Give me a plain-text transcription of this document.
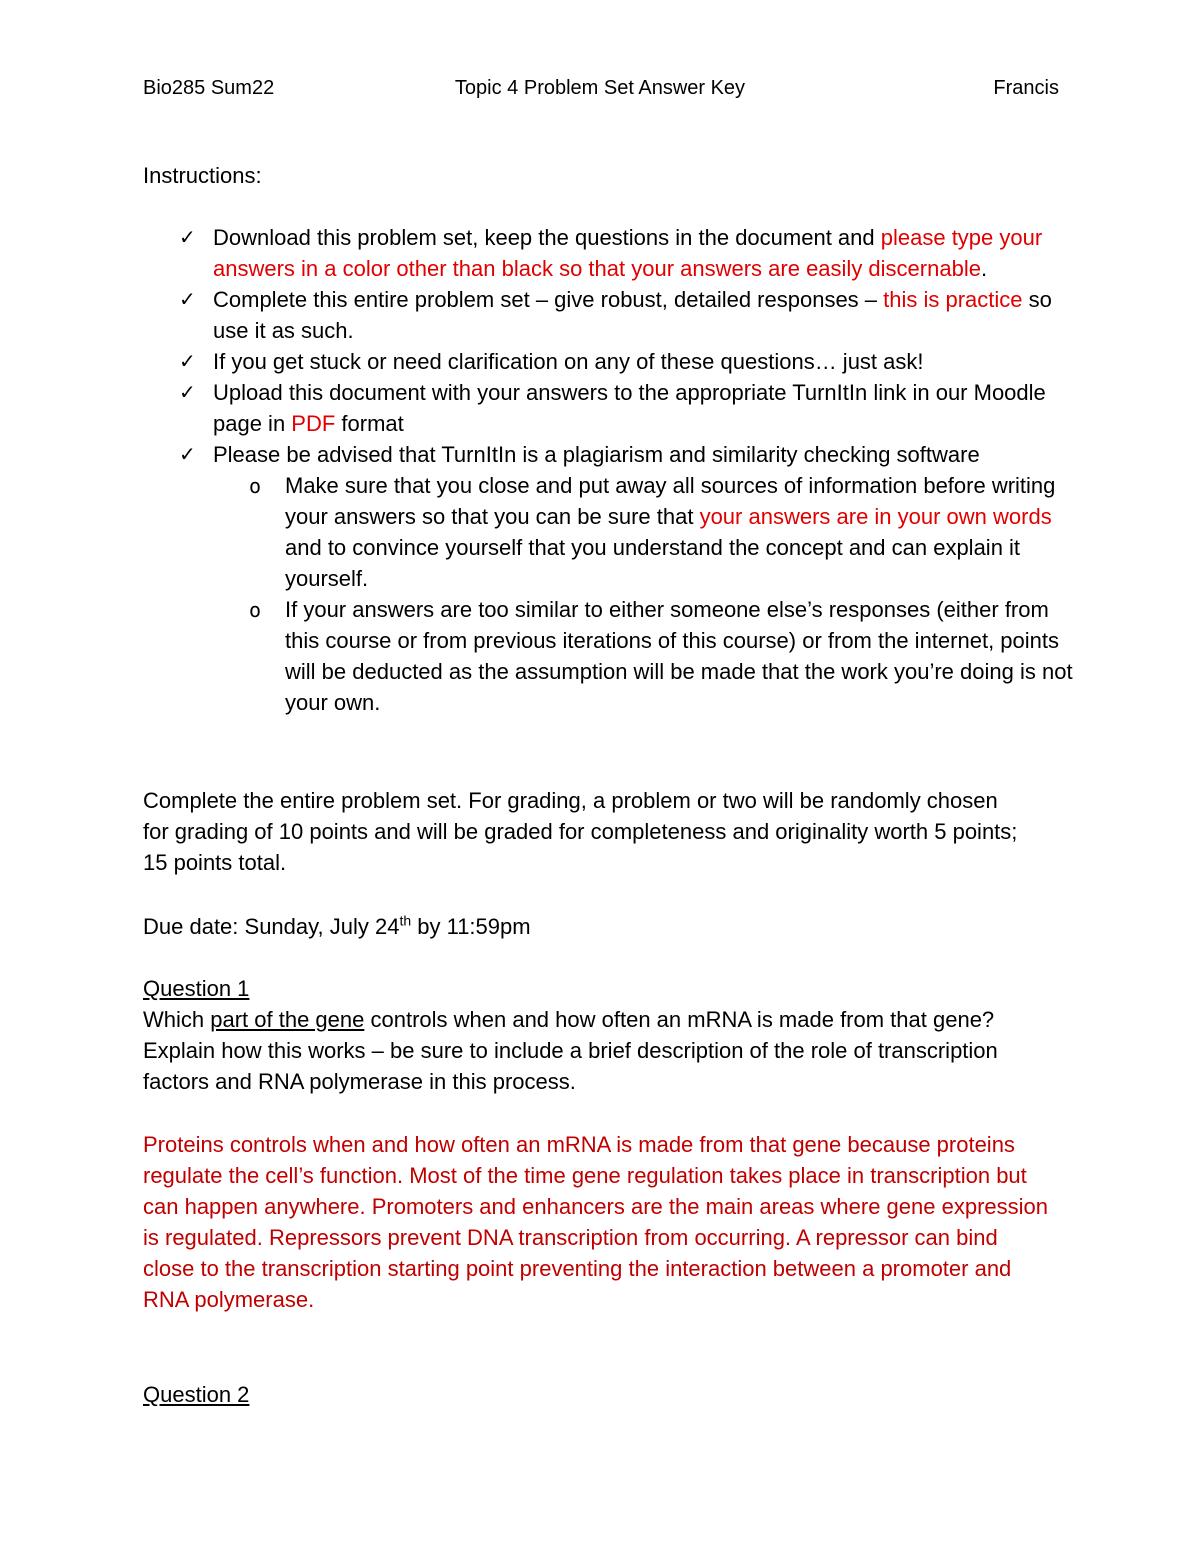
Bio285 Sum22	Topic 4 Problem Set Answer Key	Francis
Instructions:
✓ Download this problem set, keep the questions in the document and please type your answers in a color other than black so that your answers are easily discernable.
✓ Complete this entire problem set – give robust, detailed responses – this is practice so use it as such.
✓ If you get stuck or need clarification on any of these questions… just ask!
✓ Upload this document with your answers to the appropriate TurnItIn link in our Moodle page in PDF format
✓ Please be advised that TurnItIn is a plagiarism and similarity checking software
o Make sure that you close and put away all sources of information before writing your answers so that you can be sure that your answers are in your own words and to convince yourself that you understand the concept and can explain it yourself.
o If your answers are too similar to either someone else’s responses (either from this course or from previous iterations of this course) or from the internet, points will be deducted as the assumption will be made that the work you’re doing is not your own.

Complete the entire problem set. For grading, a problem or two will be randomly chosen for grading of 10 points and will be graded for completeness and originality worth 5 points; 15 points total.

Due date: Sunday, July 24th by 11:59pm

Question 1

Which part of the gene controls when and how often an mRNA is made from that gene? Explain how this works – be sure to include a brief description of the role of transcription factors and RNA polymerase in this process.

Proteins controls when and how often an mRNA is made from that gene because proteins regulate the cell’s function. Most of the time gene regulation takes place in transcription but can happen anywhere. Promoters and enhancers are the main areas where gene expression is regulated. Repressors prevent DNA transcription from occurring. A repressor can bind close to the transcription starting point preventing the interaction between a promoter and RNA polymerase.

Question 2
